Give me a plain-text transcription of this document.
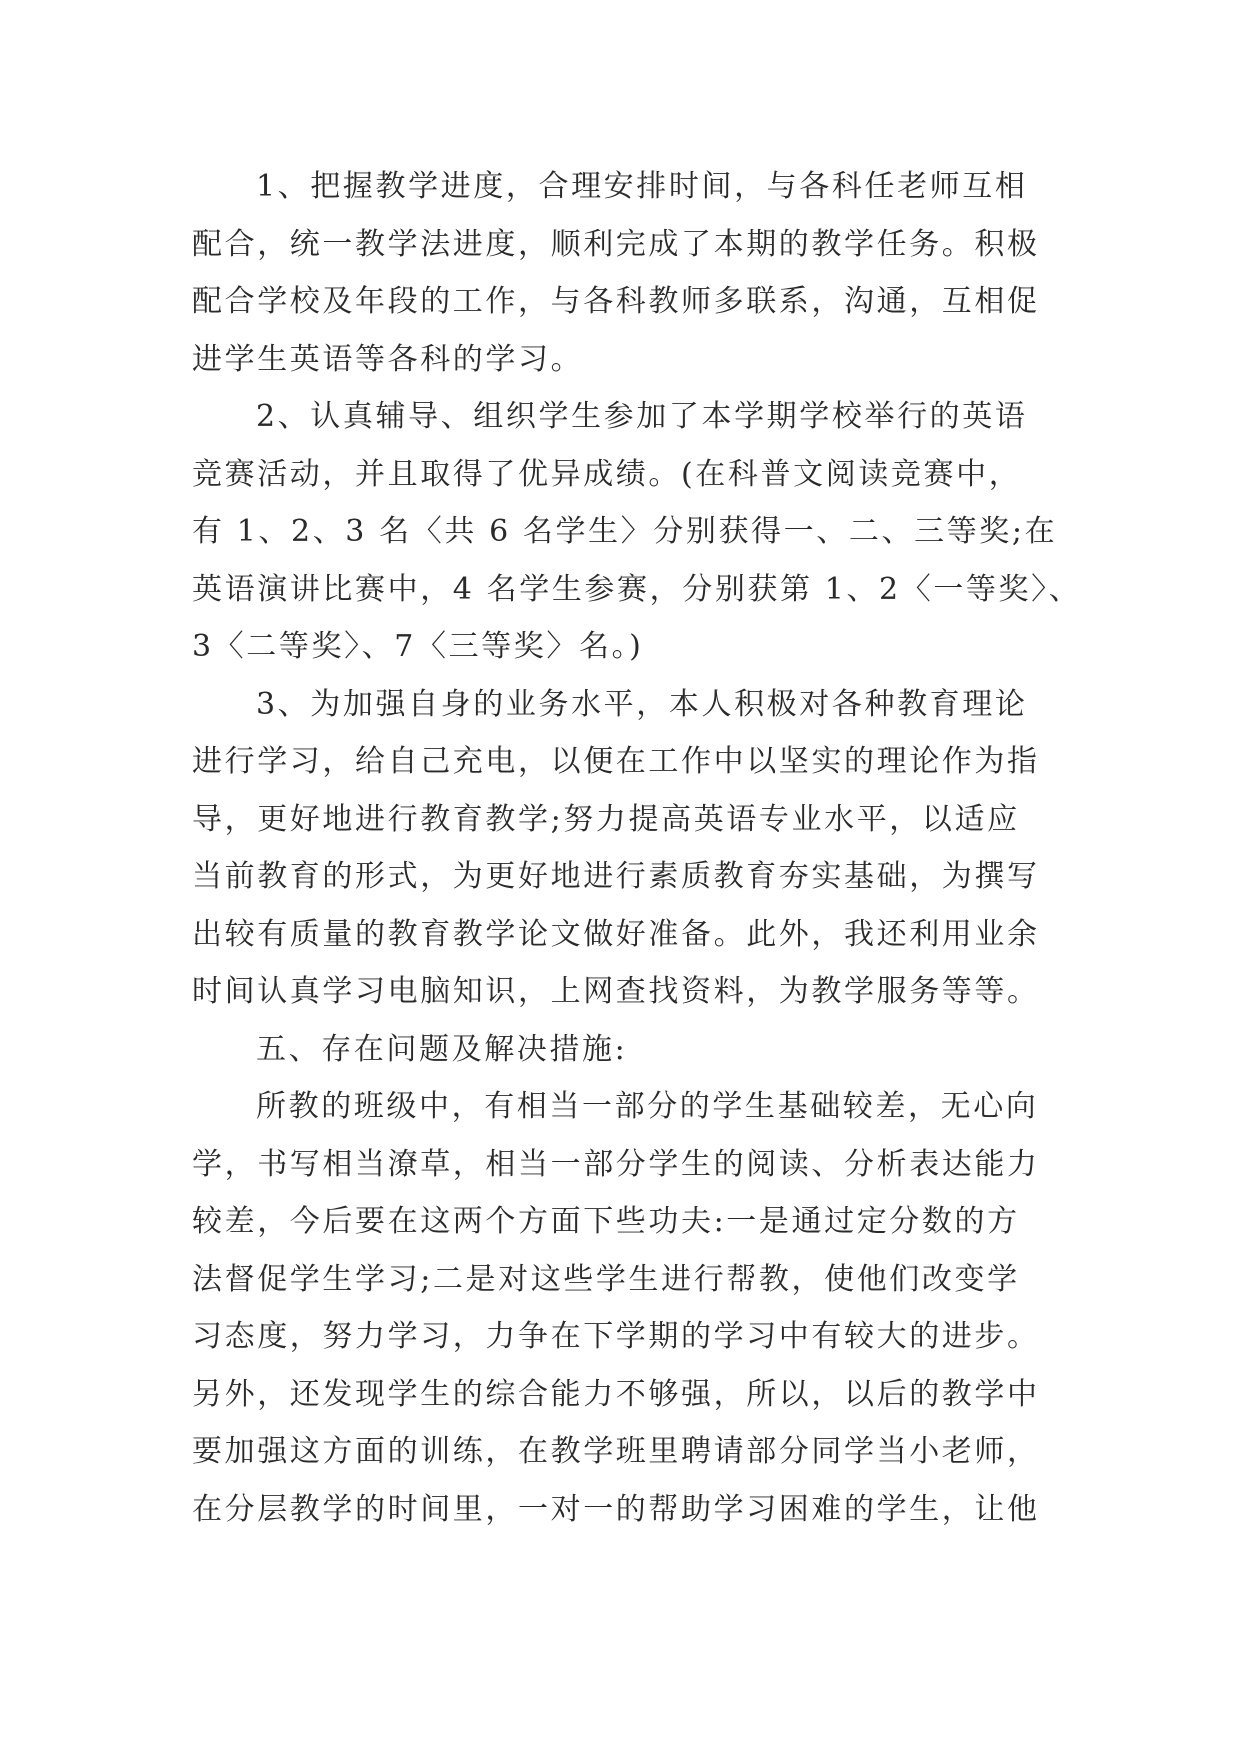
1、把握教学进度，合理安排时间，与各科任老师互相
配合，统一教学法进度，顺利完成了本期的教学任务。积极
配合学校及年段的工作，与各科教师多联系，沟通，互相促
进学生英语等各科的学习。
2、认真辅导、组织学生参加了本学期学校举行的英语
竞赛活动，并且取得了优异成绩。(在科普文阅读竞赛中，
有 1、2、3 名〈共 6 名学生〉分别获得一、二、三等奖;在
英语演讲比赛中，4 名学生参赛，分别获第 1、2〈一等奖〉、
3〈二等奖〉、7〈三等奖〉名。)
3、为加强自身的业务水平，本人积极对各种教育理论
进行学习，给自己充电，以便在工作中以坚实的理论作为指
导，更好地进行教育教学;努力提高英语专业水平，以适应
当前教育的形式，为更好地进行素质教育夯实基础，为撰写
出较有质量的教育教学论文做好准备。此外，我还利用业余
时间认真学习电脑知识，上网查找资料，为教学服务等等。
五、存在问题及解决措施:
所教的班级中，有相当一部分的学生基础较差，无心向
学，书写相当潦草，相当一部分学生的阅读、分析表达能力
较差，今后要在这两个方面下些功夫:一是通过定分数的方
法督促学生学习;二是对这些学生进行帮教，使他们改变学
习态度，努力学习，力争在下学期的学习中有较大的进步。
另外，还发现学生的综合能力不够强，所以，以后的教学中
要加强这方面的训练，在教学班里聘请部分同学当小老师，
在分层教学的时间里，一对一的帮助学习困难的学生，让他
